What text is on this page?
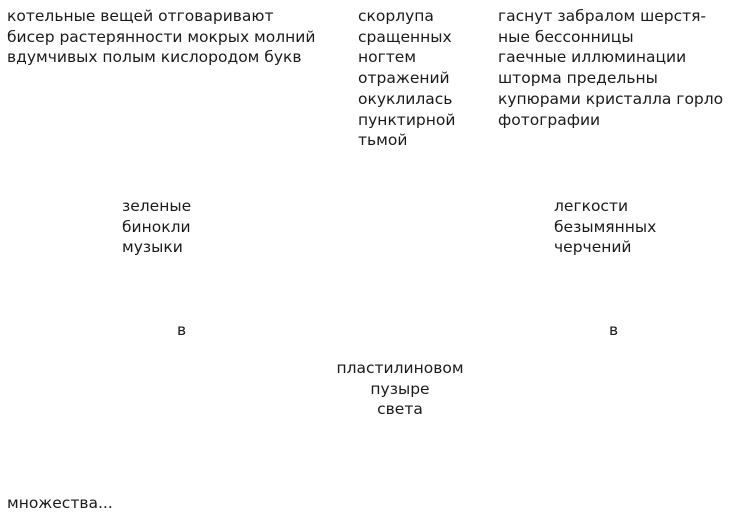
котельные вещей отговаривают
бисер растерянности мокрых молний
вдумчивых полым кислородом букв
скорлупа
сращенных
ногтем
отражений
окуклилась
пунктирной
тьмой
гаснут забралом шерстя-
ные бессонницы
гаечные иллюминации
шторма предельны
купюрами кристалла горло
фотографии
зеленые
бинокли
музыки
легкости
безымянных
черчений
в	в
пластилиновом
пузыре
света
множества...
